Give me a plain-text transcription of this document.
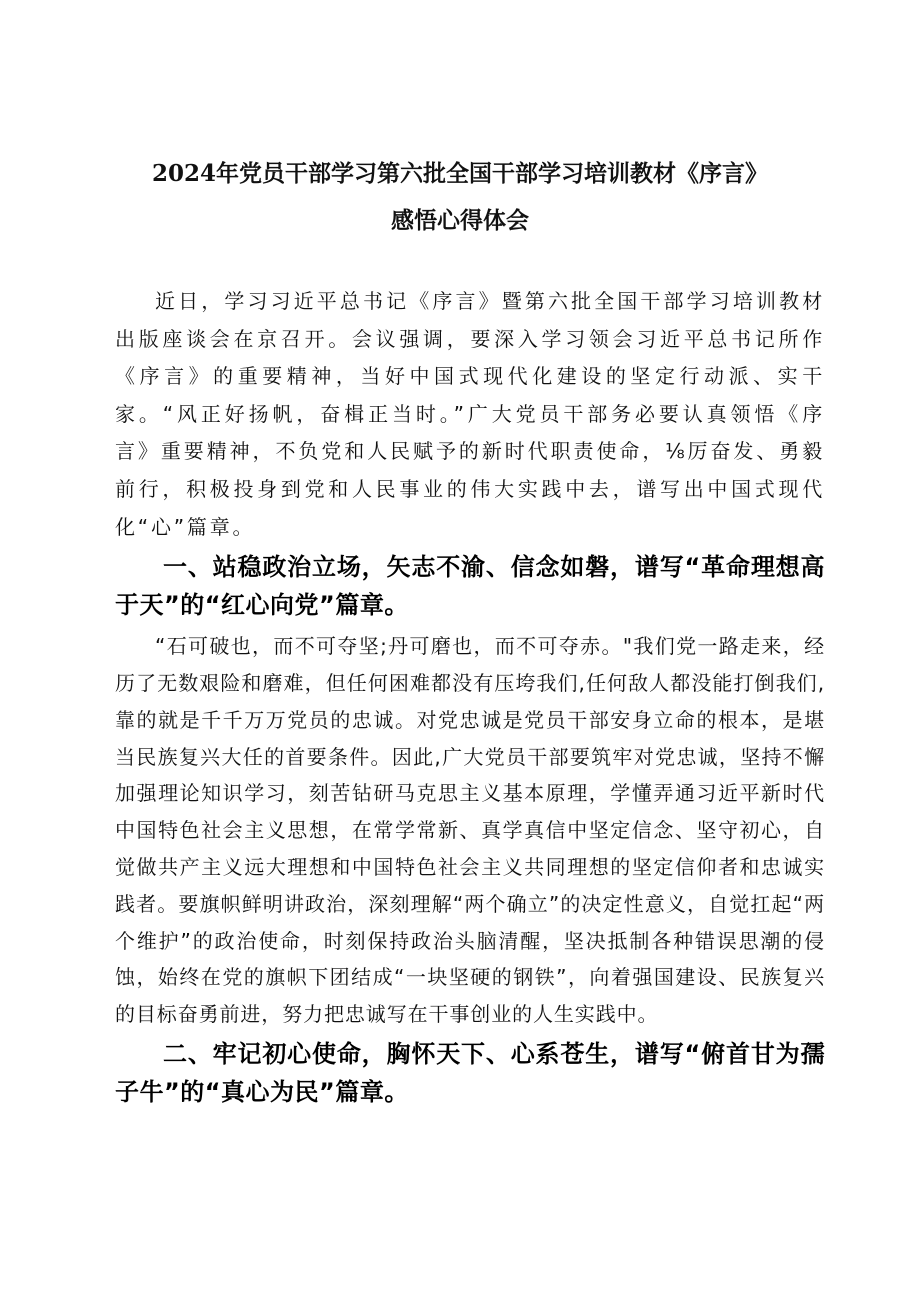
2024年党员干部学习第六批全国干部学习培训教材《序言》
感悟心得体会

近日，学习习近平总书记《序言》暨第六批全国干部学习培训教材出版座谈会在京召开。会议强调，要深入学习领会习近平总书记所作《序言》的重要精神，当好中国式现代化建设的坚定行动派、实干家。“风正好扬帆，奋楫正当时。”广大党员干部务必要认真领悟《序言》重要精神，不负党和人民赋予的新时代职责使命，⅛厉奋发、勇毅前行，积极投身到党和人民事业的伟大实践中去，谱写出中国式现代化“心”篇章。

一、站稳政治立场，矢志不渝、信念如磐，谱写“革命理想高于天”的“红心向党”篇章。

“石可破也，而不可夺坚;丹可磨也，而不可夺赤。"我们党一路走来，经历了无数艰险和磨难，但任何困难都没有压垮我们,任何敌人都没能打倒我们,靠的就是千千万万党员的忠诚。对党忠诚是党员干部安身立命的根本，是堪当民族复兴大任的首要条件。因此,广大党员干部要筑牢对党忠诚，坚持不懈加强理论知识学习，刻苦钻研马克思主义基本原理，学懂弄通习近平新时代中国特色社会主义思想，在常学常新、真学真信中坚定信念、坚守初心，自觉做共产主义远大理想和中国特色社会主义共同理想的坚定信仰者和忠诚实践者。要旗帜鲜明讲政治，深刻理解“两个确立”的决定性意义，自觉扛起“两个维护”的政治使命，时刻保持政治头脑清醒，坚决抵制各种错误思潮的侵蚀，始终在党的旗帜下团结成“一块坚硬的钢铁”，向着强国建设、民族复兴的目标奋勇前进，努力把忠诚写在干事创业的人生实践中。

二、牢记初心使命，胸怀天下、心系苍生，谱写“俯首甘为孺子牛”的“真心为民”篇章。
